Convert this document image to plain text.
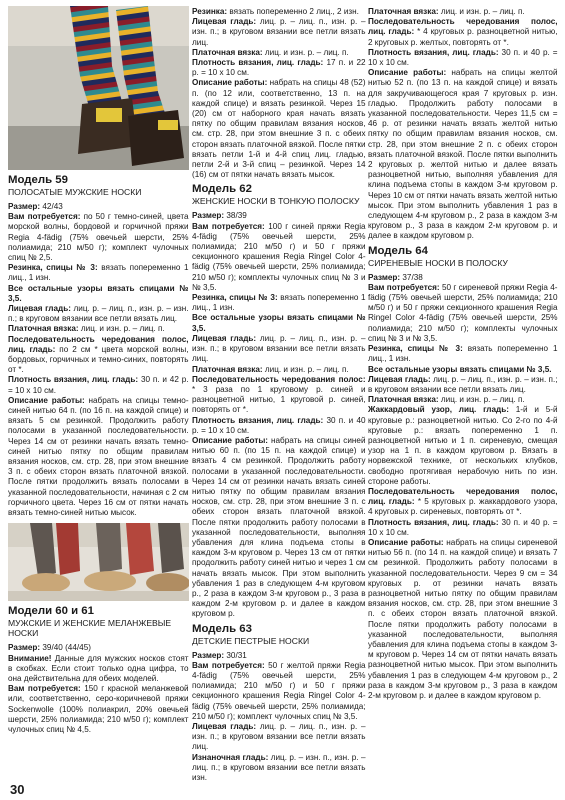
Модель 59
ПОЛОСАТЫЕ МУЖСКИЕ НОСКИ

Размер: 42/43

Вам потребуется: по 50 г темно-синей, цвета морской волны, бордовой и горчичной пряжи Regia 4-fädig (75% овечьей шерсти, 25% полиамида; 210 м/50 г); комплект чулочных спиц № 2,5.

Резинка, спицы № 3: вязать попеременно 1 лиц., 1 изн.

Все остальные узоры вязать спицами № 3,5.

Лицевая гладь: лиц. р. – лиц. п., изн. р. – изн. п.; в круговом вязании все петли вязать лиц.

Платочная вязка: лиц. и изн. р. – лиц. п.

Последовательность чередования полос, лиц. гладь: по 2 см * цвета морской волны, бордовых, горчичных и темно-синих, повторять от *.

Плотность вязания, лиц. гладь: 30 п. и 42 р. = 10 х 10 см.

Описание работы: набрать на спицы темно-синей нитью 64 п. (по 16 п. на каждой спице) и вязать 5 см резинкой. Продолжить работу полосами в указанной последовательности. Через 14 см от резинки начать вязать темно-синей нитью пятку по общим правилам вязания носков, см. стр. 28, при этом внешние 3 п. с обеих сторон вязать платочной вязкой. После пятки продолжить вязать полосами в указанной последовательности, начиная с 2 см горчичного цвета. Через 16 см от пятки начать вязать темно-синей нитью мысок.

Модели 60 и 61
МУЖСКИЕ И ЖЕНСКИЕ МЕЛАНЖЕВЫЕ НОСКИ

Размер: 39/40 (44/45)

Внимание! Данные для мужских носков стоят в скобках. Если стоит только одна цифра, то она действительна для обеих моделей.

Вам потребуется: 150 г красной меланжевой или, соответственно, серо-коричневой пряжи Sockenwolle (100% полиакрил, 20% овечьей шерсти, 25% полиамида; 210 м/50 г); комплект чулочных спиц № 4,5.

Резинка: вязать попеременно 2 лиц., 2 изн.

Лицевая гладь: лиц. р. – лиц. п., изн. р. – изн. п.; в круговом вязании все петли вязать лиц.

Платочная вязка: лиц. и изн. р. – лиц. п.

Плотность вязания, лиц. гладь: 17 п. и 22 р. = 10 х 10 см.

Описание работы: набрать на спицы 48 (52) п. (по 12 или, соответственно, 13 п. на каждой спице) и вязать резинкой. Через 15 (20) см от наборного края начать вязать пятку по общим правилам вязания носков, см. стр. 28, при этом внешние 3 п. с обеих сторон вязать платочной вязкой. После пятки вязать петли 1-й и 4-й спиц лиц. гладью, петли 2-й и 3-й спиц – резинкой. Через 14 (16) см от пятки начать вязать мысок.

Модель 62
ЖЕНСКИЕ НОСКИ В ТОНКУЮ ПОЛОСКУ

Размер: 38/39

Вам потребуется: 100 г синей пряжи Regia 4-fädig (75% овечьей шерсти, 25% полиамида; 210 м/50 г) и 50 г пряжи секционного крашения Regia Ringel Color 4-fädig (75% овечьей шерсти, 25% полиамида; 210 м/50 г); комплекты чулочных спиц № 3 и № 3,5.

Резинка, спицы № 3: вязать попеременно 1 лиц., 1 изн.

Все остальные узоры вязать спицами № 3,5.

Лицевая гладь: лиц. р. – лиц. п., изн. р. – изн. п.; в круговом вязании все петли вязать лиц.

Платочная вязка: лиц. и изн. р. – лиц. п.

Последовательность чередования полос: * 3 раза по 1 круговому р. синей и разноцветной нитью, 1 круговой р. синей, повторять от *.

Плотность вязания, лиц. гладь: 30 п. и 40 р. = 10 х 10 см.

Описание работы: набрать на спицы синей нитью 60 п. (по 15 п. на каждой спице) и вязать 4 см резинкой. Продолжить работу полосами в указанной последовательности. Через 14 см от резинки начать вязать синей нитью пятку по общим правилам вязания носков, см. стр. 28, при этом внешние 3 п. с обеих сторон вязать платочной вязкой. После пятки продолжить работу полосами в указанной последовательности, выполняя убавления для клина подъема стопы в каждом 3-м круговом р. Через 13 см от пятки продолжить работу синей нитью и через 1 см начать вязать мысок. При этом выполнить убавления 1 раз в следующем 4-м круговом р., 2 раза в каждом 3-м круговом р., 3 раза в каждом 2-м круговом р. и далее в каждом круговом р.

Модель 63
ДЕТСКИЕ ПЕСТРЫЕ НОСКИ

Размер: 30/31

Вам потребуется: 50 г желтой пряжи Regia 4-fädig (75% овечьей шерсти, 25% полиамида; 210 м/50 г) и 50 г пряжи секционного крашения Regia Ringel Color 4-fädig (75% овечьей шерсти, 25% полиамида; 210 м/50 г); комплект чулочных спиц № 3,5.

Лицевая гладь: лиц. р. – лиц. п., изн. р. – изн. п.; в круговом вязании все петли вязать лиц.

Изнаночная гладь: лиц. р. – изн. п., изн. р. – лиц. п.; в круговом вязании все петли вязать изн.

Платочная вязка: лиц. и изн. р. – лиц. п.

Последовательность чередования полос, лиц. гладь: * 4 круговых р. разноцветной нитью, 2 круговых р. желтых, повторять от *.

Плотность вязания, лиц. гладь: 30 п. и 40 р. = 10 х 10 см.

Описание работы: набрать на спицы желтой нитью 52 п. (по 13 п. на каждой спице) и вязать для закручивающегося края 7 круговых р. изн. гладью. Продолжить работу полосами в указанной последовательности. Через 11,5 см = 46 р. от резинки начать вязать желтой нитью пятку по общим правилам вязания носков, см. стр. 28, при этом внешние 2 п. с обеих сторон вязать платочной вязкой. После пятки выполнить 2 круговых р. желтой нитью и далее вязать разноцветной нитью, выполняя убавления для клина подъема стопы в каждом 3-м круговом р. Через 10 см от пятки начать вязать желтой нитью мысок. При этом выполнить убавления 1 раз в следующем 4-м круговом р., 2 раза в каждом 3-м круговом р., 3 раза в каждом 2-м круговом р. и далее в каждом круговом р.

Модель 64
СИРЕНЕВЫЕ НОСКИ В ПОЛОСКУ

Размер: 37/38

Вам потребуется: 50 г сиреневой пряжи Regia 4-fädig (75% овечьей шерсти, 25% полиамида; 210 м/50 г) и 50 г пряжи секционного крашения Regia Ringel Color 4-fädig (75% овечьей шерсти, 25% полиамида; 210 м/50 г); комплекты чулочных спиц № 3 и № 3,5.

Резинка, спицы № 3: вязать попеременно 1 лиц., 1 изн.

Все остальные узоры вязать спицами № 3,5.

Лицевая гладь: лиц. р. – лиц. п., изн. р. – изн. п.; в круговом вязании все петли вязать лиц.

Платочная вязка: лиц. и изн. р. – лиц. п.

Жаккардовый узор, лиц. гладь: 1-й и 5-й круговые р.: разноцветной нитью. Со 2-го по 4-й круговые р.: вязать попеременно 1 п. разноцветной нитью и 1 п. сиреневую, смещая узор на 1 п. в каждом круговом р. Вязать в норвежской технике, от нескольких клубков, свободно протягивая нерабочую нить по изн. стороне работы.

Последовательность чередования полос, лиц. гладь: * 5 круговых р. жаккардового узора, 4 круговых р. сиреневых, повторять от *.

Плотность вязания, лиц. гладь: 30 п. и 40 р. = 10 х 10 см.

Описание работы: набрать на спицы сиреневой нитью 56 п. (по 14 п. на каждой спице) и вязать 7 см резинкой. Продолжить работу полосами в указанной последовательности. Через 9 см = 34 круговых р. от резинки начать вязать разноцветной нитью пятку по общим правилам вязания носков, см. стр. 28, при этом внешние 3 п. с обеих сторон вязать платочной вязкой. После пятки продолжить работу полосами в указанной последовательности, выполняя убавления для клина подъема стопы в каждом 3-м круговом р. Через 14 см от пятки начать вязать разноцветной нитью мысок. При этом выполнить убавления 1 раз в следующем 4-м круговом р., 2 раза в каждом 3-м круговом р., 3 раза в каждом 2-м круговом р. и далее в каждом круговом р.

30
